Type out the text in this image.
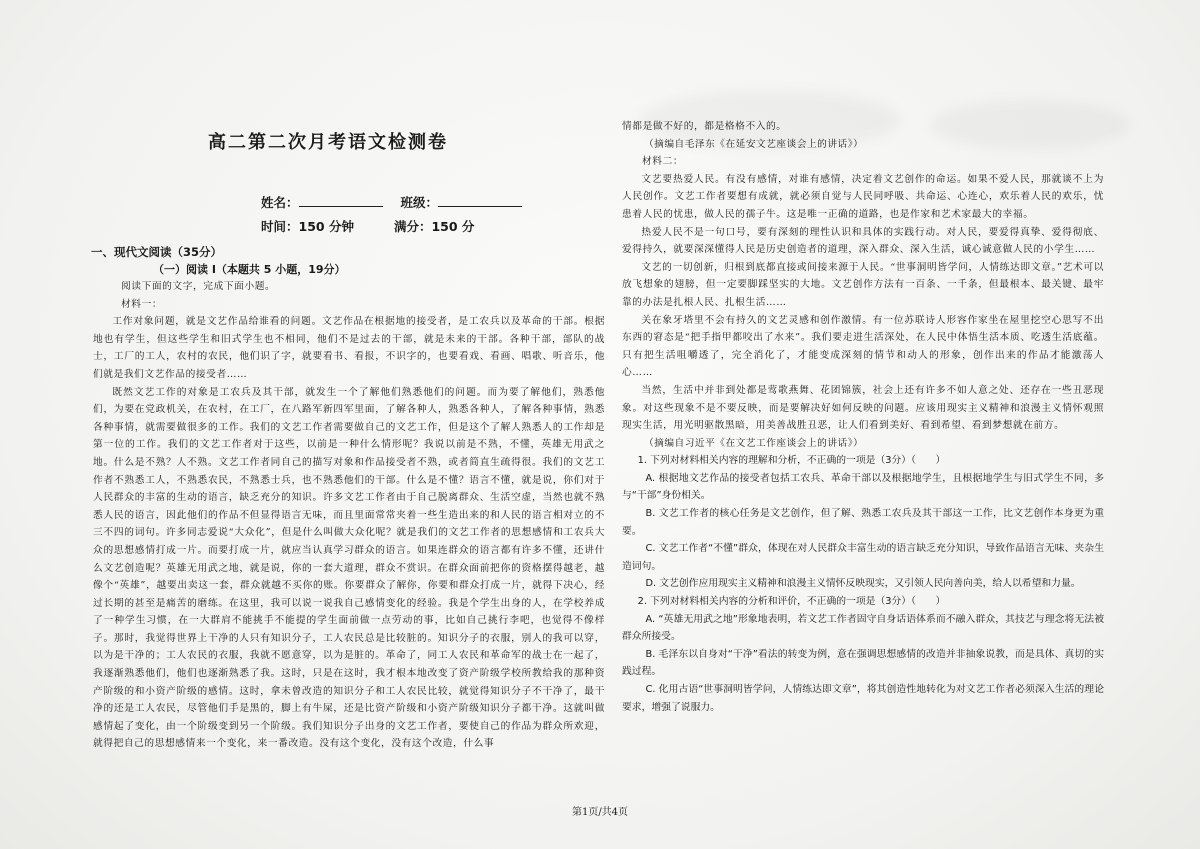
高二第二次月考语文检测卷
姓名：	班级：
时间：150 分钟	满分：150 分
一、现代文阅读（35分）
（一）阅读 I（本题共 5 小题，19分）

阅读下面的文字，完成下面小题。

材料一：

工作对象问题，就是文艺作品给谁看的问题。文艺作品在根据地的接受者，是工农兵以及革命的干部。根据地也有学生，但这些学生和旧式学生也不相同，他们不是过去的干部，就是未来的干部。各种干部，部队的战士，工厂的工人，农村的农民，他们识了字，就要看书、看报，不识字的，也要看戏、看画、唱歌、听音乐，他们就是我们文艺作品的接受者……

既然文艺工作的对象是工农兵及其干部，就发生一个了解他们熟悉他们的问题。而为要了解他们，熟悉他们，为要在党政机关，在农村，在工厂，在八路军新四军里面，了解各种人，熟悉各种人，了解各种事情，熟悉各种事情，就需要做很多的工作。我们的文艺工作者需要做自己的文艺工作，但是这个了解人熟悉人的工作却是第一位的工作。我们的文艺工作者对于这些，以前是一种什么情形呢？我说以前是不熟，不懂，英雄无用武之地。什么是不熟？人不熟。文艺工作者同自己的描写对象和作品接受者不熟，或者简直生疏得很。我们的文艺工作者不熟悉工人，不熟悉农民，不熟悉士兵，也不熟悉他们的干部。什么是不懂？语言不懂，就是说，你们对于人民群众的丰富的生动的语言，缺乏充分的知识。许多文艺工作者由于自己脱离群众、生活空虚，当然也就不熟悉人民的语言，因此他们的作品不但显得语言无味，而且里面常常夹着一些生造出来的和人民的语言相对立的不三不四的词句。许多同志爱说“大众化”，但是什么叫做大众化呢？就是我们的文艺工作者的思想感情和工农兵大众的思想感情打成一片。而要打成一片，就应当认真学习群众的语言。如果连群众的语言都有许多不懂，还讲什么文艺创造呢？英雄无用武之地，就是说，你的一套大道理，群众不赏识。在群众面前把你的资格摆得越老，越像个“英雄”，越要出卖这一套，群众就越不买你的账。你要群众了解你，你要和群众打成一片，就得下决心，经过长期的甚至是痛苦的磨练。在这里，我可以说一说我自己感情变化的经验。我是个学生出身的人，在学校养成了一种学生习惯，在一大群肩不能挑手不能提的学生面前做一点劳动的事，比如自己挑行李吧，也觉得不像样子。那时，我觉得世界上干净的人只有知识分子，工人农民总是比较脏的。知识分子的衣服，别人的我可以穿，以为是干净的；工人农民的衣服，我就不愿意穿，以为是脏的。革命了，同工人农民和革命军的战士在一起了，我逐渐熟悉他们，他们也逐渐熟悉了我。这时，只是在这时，我才根本地改变了资产阶级学校所教给我的那种资产阶级的和小资产阶级的感情。这时，拿未曾改造的知识分子和工人农民比较，就觉得知识分子不干净了，最干净的还是工人农民，尽管他们手是黑的，脚上有牛屎，还是比资产阶级和小资产阶级知识分子都干净。这就叫做感情起了变化，由一个阶级变到另一个阶级。我们知识分子出身的文艺工作者，要使自己的作品为群众所欢迎，就得把自己的思想感情来一个变化，来一番改造。没有这个变化，没有这个改造，什么事

情都是做不好的，都是格格不入的。

（摘编自毛泽东《在延安文艺座谈会上的讲话》）

材料二：

文艺要热爱人民。有没有感情，对谁有感情，决定着文艺创作的命运。如果不爱人民，那就谈不上为人民创作。文艺工作者要想有成就，就必须自觉与人民同呼吸、共命运、心连心，欢乐着人民的欢乐，忧患着人民的忧患，做人民的孺子牛。这是唯一正确的道路，也是作家和艺术家最大的幸福。

热爱人民不是一句口号，要有深刻的理性认识和具体的实践行动。对人民，要爱得真挚、爱得彻底、爱得持久，就要深深懂得人民是历史创造者的道理，深入群众、深入生活，诚心诚意做人民的小学生……

文艺的一切创新，归根到底都直接或间接来源于人民。“世事洞明皆学问，人情练达即文章。”艺术可以放飞想象的翅膀，但一定要脚踩坚实的大地。文艺创作方法有一百条、一千条，但最根本、最关键、最牢靠的办法是扎根人民、扎根生活……

关在象牙塔里不会有持久的文艺灵感和创作激情。有一位苏联诗人形容作家坐在屋里挖空心思写不出东西的窘态是“把手指甲都咬出了水来”。我们要走进生活深处，在人民中体悟生活本质、吃透生活底蕴。只有把生活咀嚼透了，完全消化了，才能变成深刻的情节和动人的形象，创作出来的作品才能激荡人心……

当然，生活中并非到处都是莺歌燕舞、花团锦簇，社会上还有许多不如人意之处、还存在一些丑恶现象。对这些现象不是不要反映，而是要解决好如何反映的问题。应该用现实主义精神和浪漫主义情怀观照现实生活，用光明驱散黑暗，用美善战胜丑恶，让人们看到美好、看到希望、看到梦想就在前方。

（摘编自习近平《在文艺工作座谈会上的讲话》）

1. 下列对材料相关内容的理解和分析，不正确的一项是（3分）（　　）

A. 根据地文艺作品的接受者包括工农兵、革命干部以及根据地学生，且根据地学生与旧式学生不同，多与“干部”身份相关。

B. 文艺工作者的核心任务是文艺创作，但了解、熟悉工农兵及其干部这一工作，比文艺创作本身更为重要。

C. 文艺工作者“不懂”群众，体现在对人民群众丰富生动的语言缺乏充分知识，导致作品语言无味、夹杂生造词句。

D. 文艺创作应用现实主义精神和浪漫主义情怀反映现实，又引领人民向善向美，给人以希望和力量。

2. 下列对材料相关内容的分析和评价，不正确的一项是（3分）（　　）

A. “英雄无用武之地”形象地表明，若文艺工作者固守自身话语体系而不融入群众，其技艺与理念将无法被群众所接受。

B. 毛泽东以自身对“干净”看法的转变为例，意在强调思想感情的改造并非抽象说教，而是具体、真切的实践过程。

C. 化用古语“世事洞明皆学问，人情练达即文章”，将其创造性地转化为对文艺工作者必须深入生活的理论要求，增强了说服力。

第1页/共4页
